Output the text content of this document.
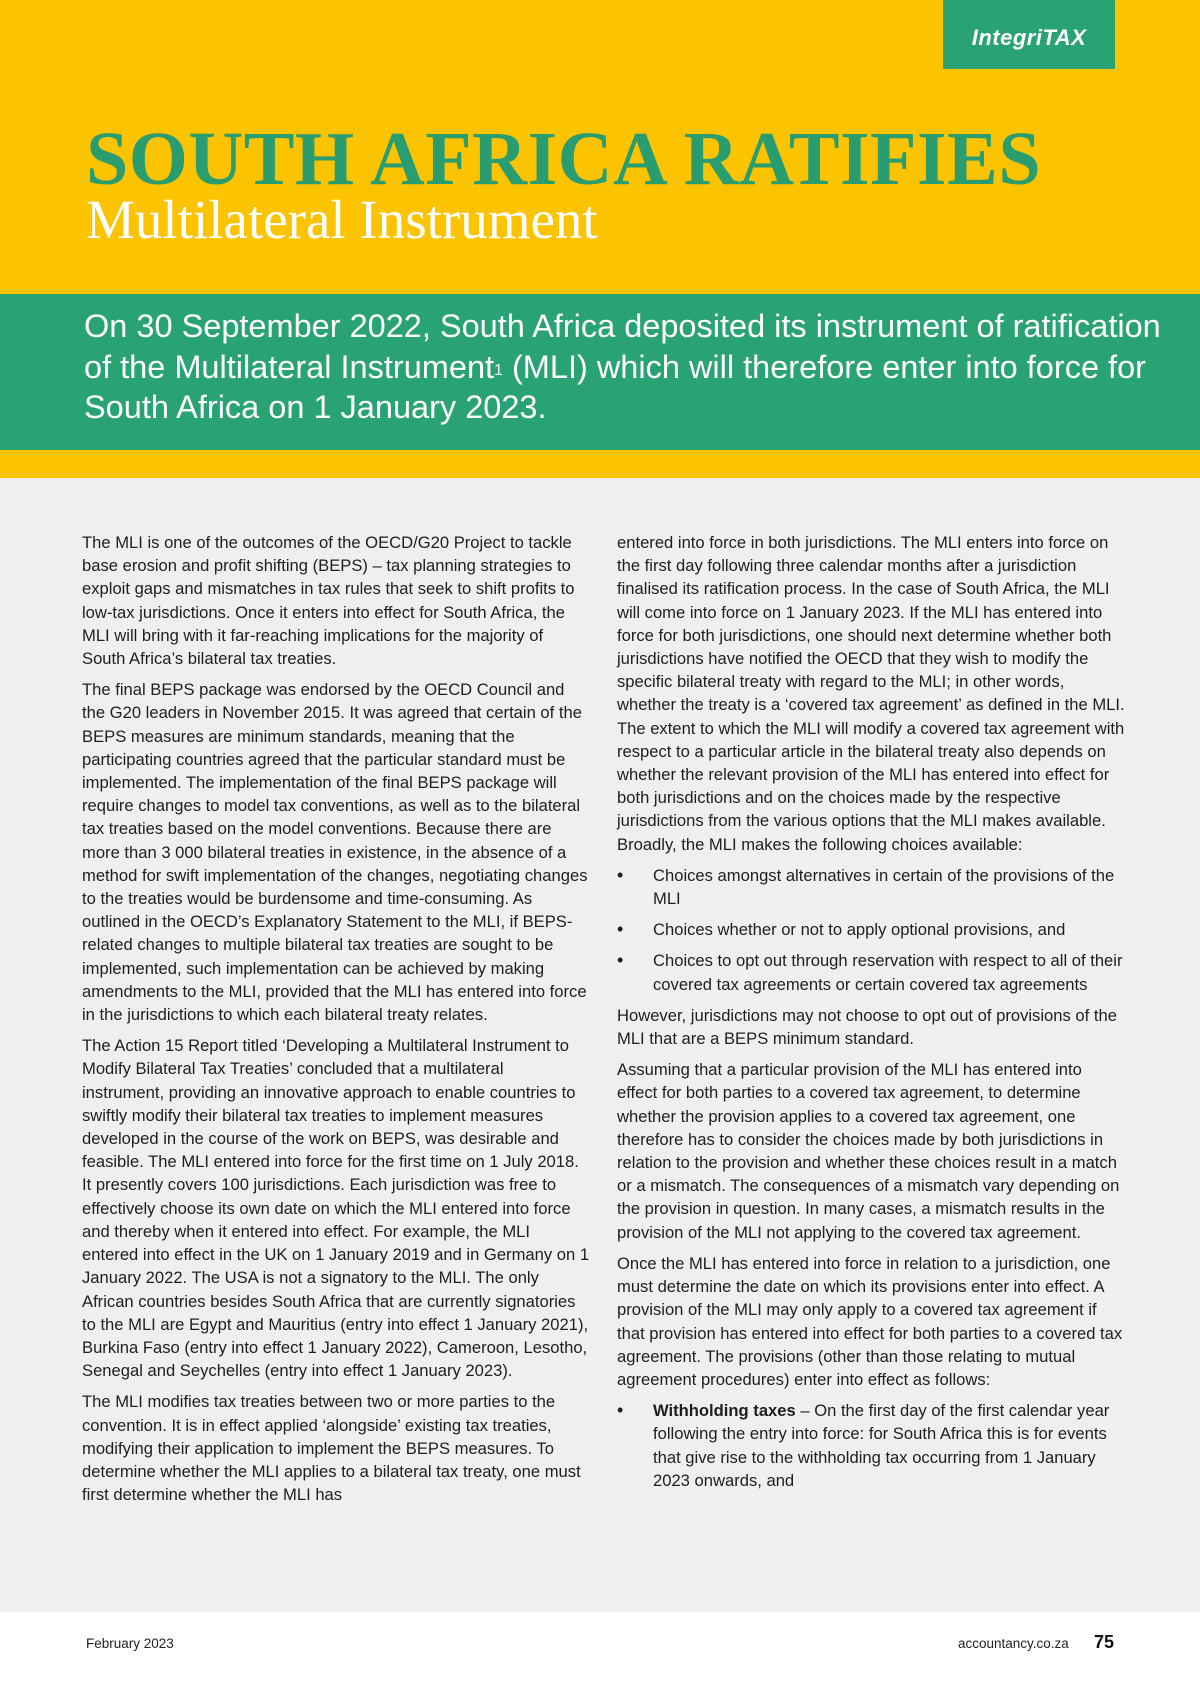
IntegriTAX
SOUTH AFRICA RATIFIES
Multilateral Instrument

On 30 September 2022, South Africa deposited its instrument of ratification of the Multilateral Instrument$^1$ (MLI) which will therefore enter into force for South Africa on 1 January 2023.

The MLI is one of the outcomes of the OECD/G20 Project to tackle base erosion and profit shifting (BEPS) – tax planning strategies to exploit gaps and mismatches in tax rules that seek to shift profits to low-tax jurisdictions. Once it enters into effect for South Africa, the MLI will bring with it far-reaching implications for the majority of South Africa’s bilateral tax treaties.

The final BEPS package was endorsed by the OECD Council and the G20 leaders in November 2015. It was agreed that certain of the BEPS measures are minimum standards, meaning that the participating countries agreed that the particular standard must be implemented. The implementation of the final BEPS package will require changes to model tax conventions, as well as to the bilateral tax treaties based on the model conventions. Because there are more than 3 000 bilateral treaties in existence, in the absence of a method for swift implementation of the changes, negotiating changes to the treaties would be burdensome and time-consuming. As outlined in the OECD’s Explanatory Statement to the MLI, if BEPS-related changes to multiple bilateral tax treaties are sought to be implemented, such implementation can be achieved by making amendments to the MLI, provided that the MLI has entered into force in the jurisdictions to which each bilateral treaty relates.

The Action 15 Report titled ‘Developing a Multilateral Instrument to Modify Bilateral Tax Treaties’ concluded that a multilateral instrument, providing an innovative approach to enable countries to swiftly modify their bilateral tax treaties to implement measures developed in the course of the work on BEPS, was desirable and feasible. The MLI entered into force for the first time on 1 July 2018. It presently covers 100 jurisdictions. Each jurisdiction was free to effectively choose its own date on which the MLI entered into force and thereby when it entered into effect. For example, the MLI entered into effect in the UK on 1 January 2019 and in Germany on 1 January 2022. The USA is not a signatory to the MLI. The only African countries besides South Africa that are currently signatories to the MLI are Egypt and Mauritius (entry into effect 1 January 2021), Burkina Faso (entry into effect 1 January 2022), Cameroon, Lesotho, Senegal and Seychelles (entry into effect 1 January 2023).

The MLI modifies tax treaties between two or more parties to the convention. It is in effect applied ‘alongside’ existing tax treaties, modifying their application to implement the BEPS measures. To determine whether the MLI applies to a bilateral tax treaty, one must first determine whether the MLI has

entered into force in both jurisdictions. The MLI enters into force on the first day following three calendar months after a jurisdiction finalised its ratification process. In the case of South Africa, the MLI will come into force on 1 January 2023. If the MLI has entered into force for both jurisdictions, one should next determine whether both jurisdictions have notified the OECD that they wish to modify the specific bilateral treaty with regard to the MLI; in other words, whether the treaty is a ‘covered tax agreement’ as defined in the MLI. The extent to which the MLI will modify a covered tax agreement with respect to a particular article in the bilateral treaty also depends on whether the relevant provision of the MLI has entered into effect for both jurisdictions and on the choices made by the respective jurisdictions from the various options that the MLI makes available. Broadly, the MLI makes the following choices available:

•	Choices amongst alternatives in certain of the provisions of the MLI
•	Choices whether or not to apply optional provisions, and
•	Choices to opt out through reservation with respect to all of their covered tax agreements or certain covered tax agreements

However, jurisdictions may not choose to opt out of provisions of the MLI that are a BEPS minimum standard.

Assuming that a particular provision of the MLI has entered into effect for both parties to a covered tax agreement, to determine whether the provision applies to a covered tax agreement, one therefore has to consider the choices made by both jurisdictions in relation to the provision and whether these choices result in a match or a mismatch. The consequences of a mismatch vary depending on the provision in question. In many cases, a mismatch results in the provision of the MLI not applying to the covered tax agreement.

Once the MLI has entered into force in relation to a jurisdiction, one must determine the date on which its provisions enter into effect. A provision of the MLI may only apply to a covered tax agreement if that provision has entered into effect for both parties to a covered tax agreement. The provisions (other than those relating to mutual agreement procedures) enter into effect as follows:

•	Withholding taxes – On the first day of the first calendar year following the entry into force: for South Africa this is for events that give rise to the withholding tax occurring from 1 January 2023 onwards, and
February 2023	accountancy.co.za 75
